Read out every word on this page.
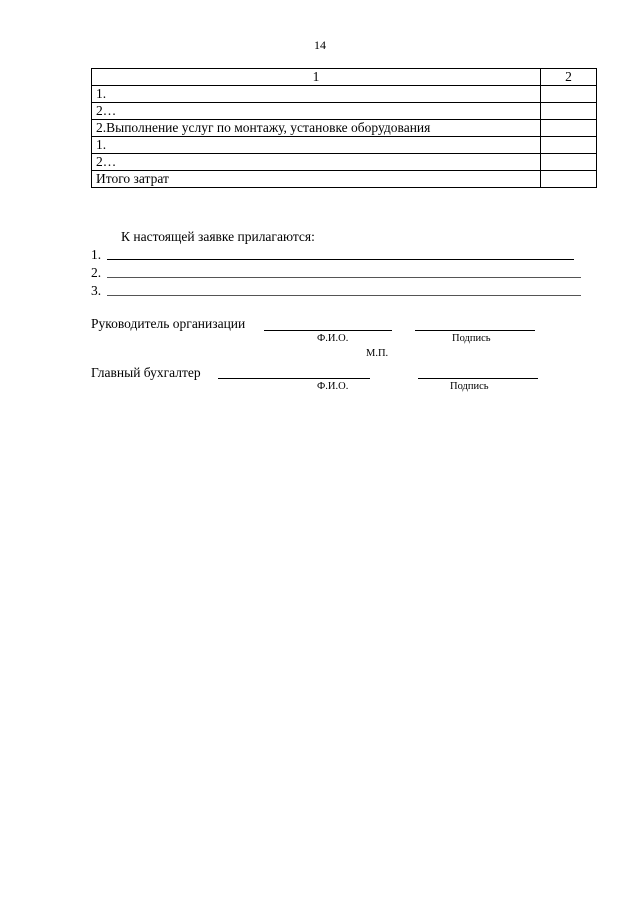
14
1	2
1.	
2…	
2.Выполнение услуг по монтажу, установке оборудования	
1.	
2…	
Итого затрат	
К настоящей заявке прилагаются:
1.
2.
3.
Руководитель организации
Ф.И.О.	Подпись
М.П.
Главный бухгалтер
Ф.И.О.	Подпись
